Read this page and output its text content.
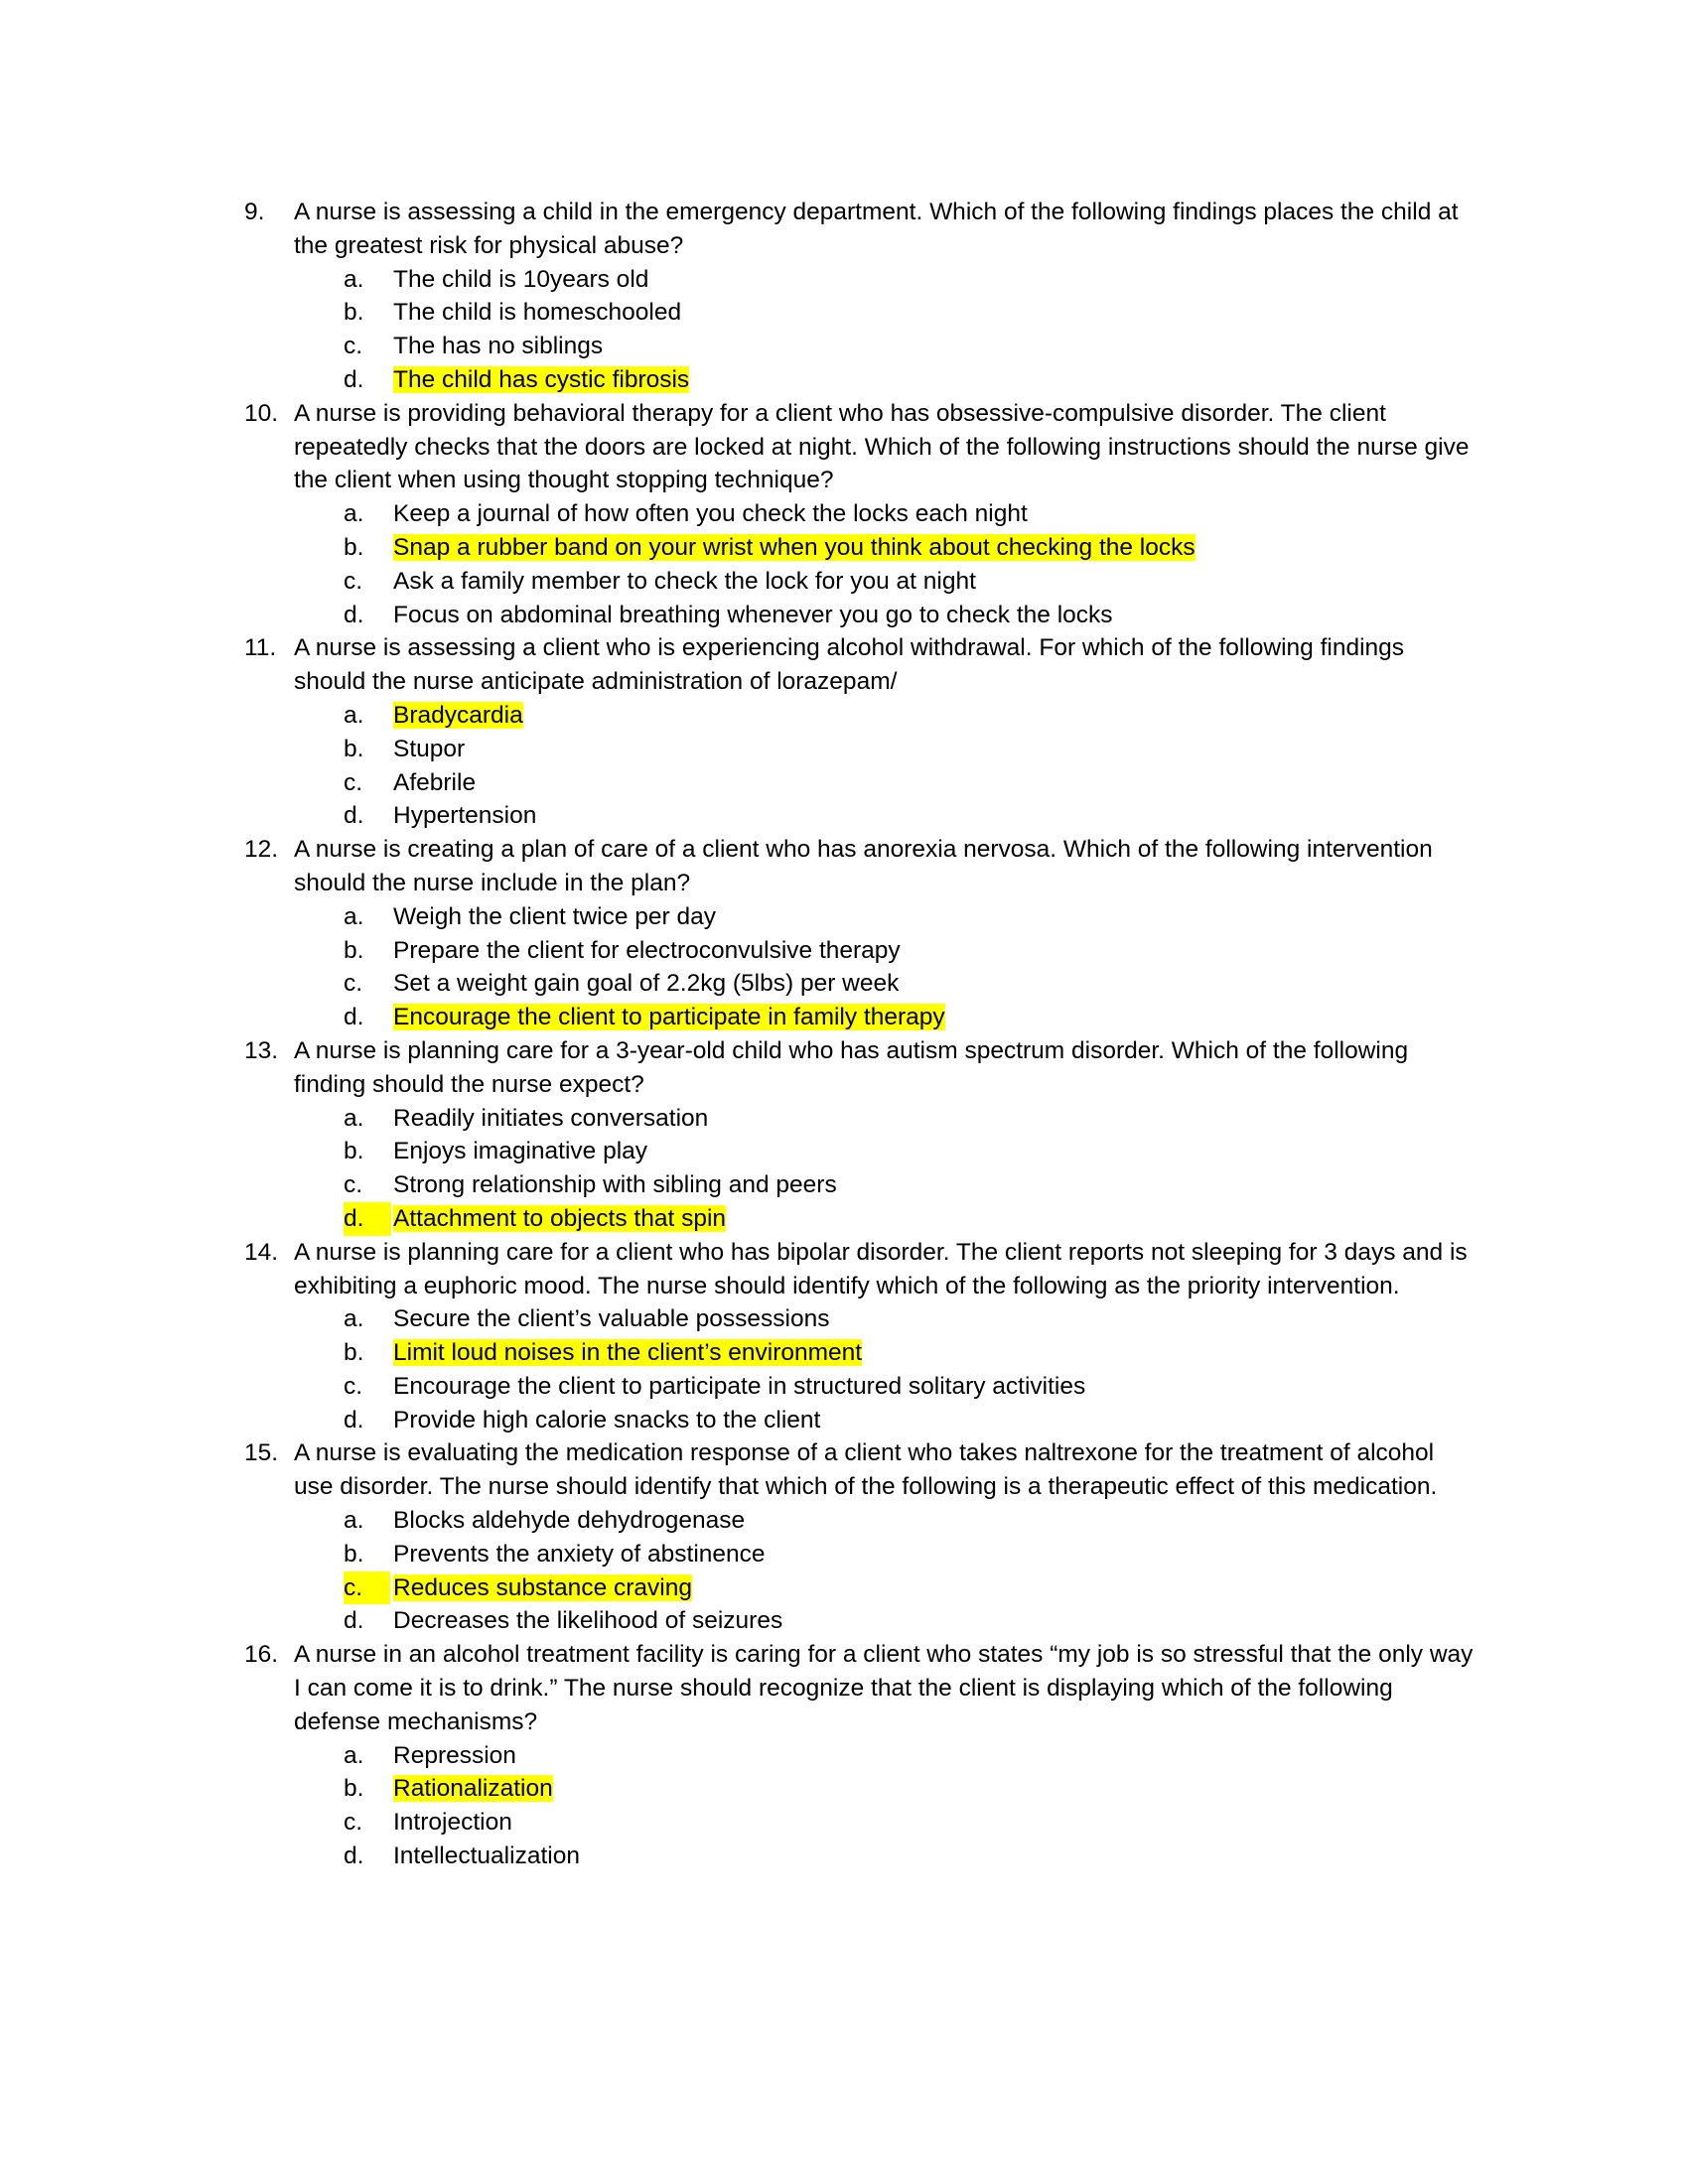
9.	A nurse is assessing a child in the emergency department. Which of the following findings places the child at the greatest risk for physical abuse?
a. The child is 10years old
b. The child is homeschooled
c. The has no siblings
d. The child has cystic fibrosis
10. A nurse is providing behavioral therapy for a client who has obsessive-compulsive disorder. The client repeatedly checks that the doors are locked at night. Which of the following instructions should the nurse give the client when using thought stopping technique?
a. Keep a journal of how often you check the locks each night
b. Snap a rubber band on your wrist when you think about checking the locks
c. Ask a family member to check the lock for you at night
d. Focus on abdominal breathing whenever you go to check the locks
11. A nurse is assessing a client who is experiencing alcohol withdrawal. For which of the following findings should the nurse anticipate administration of lorazepam/
a. Bradycardia
b. Stupor
c. Afebrile
d. Hypertension
12. A nurse is creating a plan of care of a client who has anorexia nervosa. Which of the following intervention should the nurse include in the plan?
a. Weigh the client twice per day
b. Prepare the client for electroconvulsive therapy
c. Set a weight gain goal of 2.2kg (5lbs) per week
d. Encourage the client to participate in family therapy
13. A nurse is planning care for a 3-year-old child who has autism spectrum disorder. Which of the following finding should the nurse expect?
a. Readily initiates conversation
b. Enjoys imaginative play
c. Strong relationship with sibling and peers
d.	Attachment to objects that spin
14. A nurse is planning care for a client who has bipolar disorder. The client reports not sleeping for 3 days and is exhibiting a euphoric mood. The nurse should identify which of the following as the priority intervention.
a. Secure the client’s valuable possessions
b. Limit loud noises in the client’s environment
c. Encourage the client to participate in structured solitary activities
d. Provide high calorie snacks to the client
15. A nurse is evaluating the medication response of a client who takes naltrexone for the treatment of alcohol use disorder. The nurse should identify that which of the following is a therapeutic effect of this medication.
a. Blocks aldehyde dehydrogenase
b. Prevents the anxiety of abstinence
c.	Reduces substance craving
d. Decreases the likelihood of seizures
16. A nurse in an alcohol treatment facility is caring for a client who states “my job is so stressful that the only way I can come it is to drink.” The nurse should recognize that the client is displaying which of the following defense mechanisms?
a. Repression
b. Rationalization
c. Introjection
d. Intellectualization
